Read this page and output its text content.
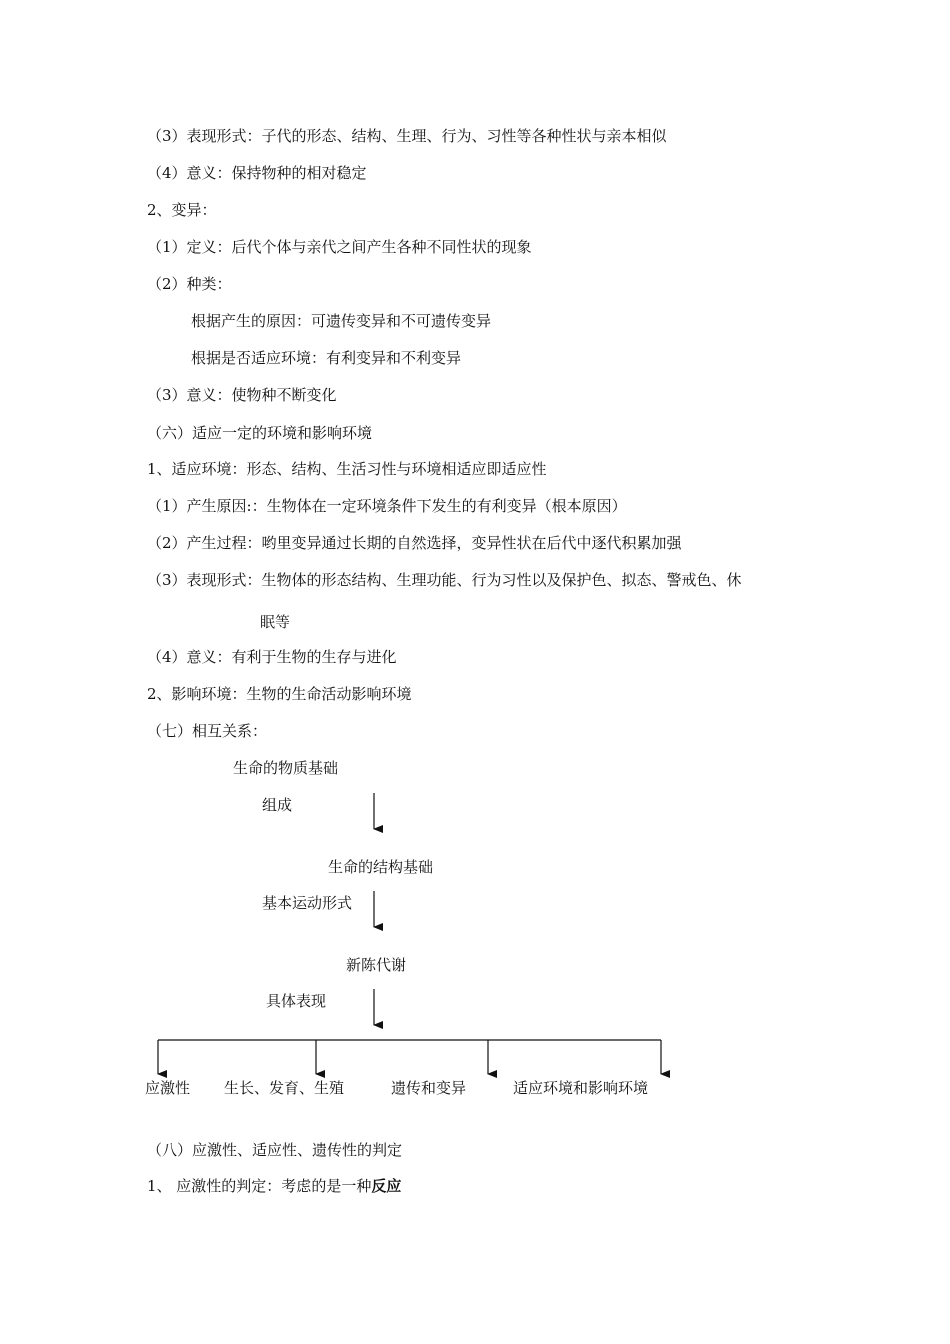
（3）表现形式：子代的形态、结构、生理、行为、习性等各种性状与亲本相似
（4）意义：保持物种的相对稳定
2、变异：
（1）定义：后代个体与亲代之间产生各种不同性状的现象
（2）种类：
根据产生的原因：可遗传变异和不可遗传变异
根据是否适应环境：有利变异和不利变异
（3）意义：使物种不断变化
（六）适应一定的环境和影响环境
1、适应环境：形态、结构、生活习性与环境相适应即适应性
（1）产生原因:：生物体在一定环境条件下发生的有利变异（根本原因）
（2）产生过程：哟里变异通过长期的自然选择，变异性状在后代中逐代积累加强
（3）表现形式：生物体的形态结构、生理功能、行为习性以及保护色、拟态、警戒色、休
眠等
（4）意义：有利于生物的生存与进化
2、影响环境：生物的生命活动影响环境
（七）相互关系：
生命的物质基础
组成
生命的结构基础
基本运动形式
新陈代谢
具体表现
应激性 生长、发育、生殖	遗传和变异	适应环境和影响环境
（八）应激性、适应性、遗传性的判定
1、 应激性的判定：考虑的是一种反应
